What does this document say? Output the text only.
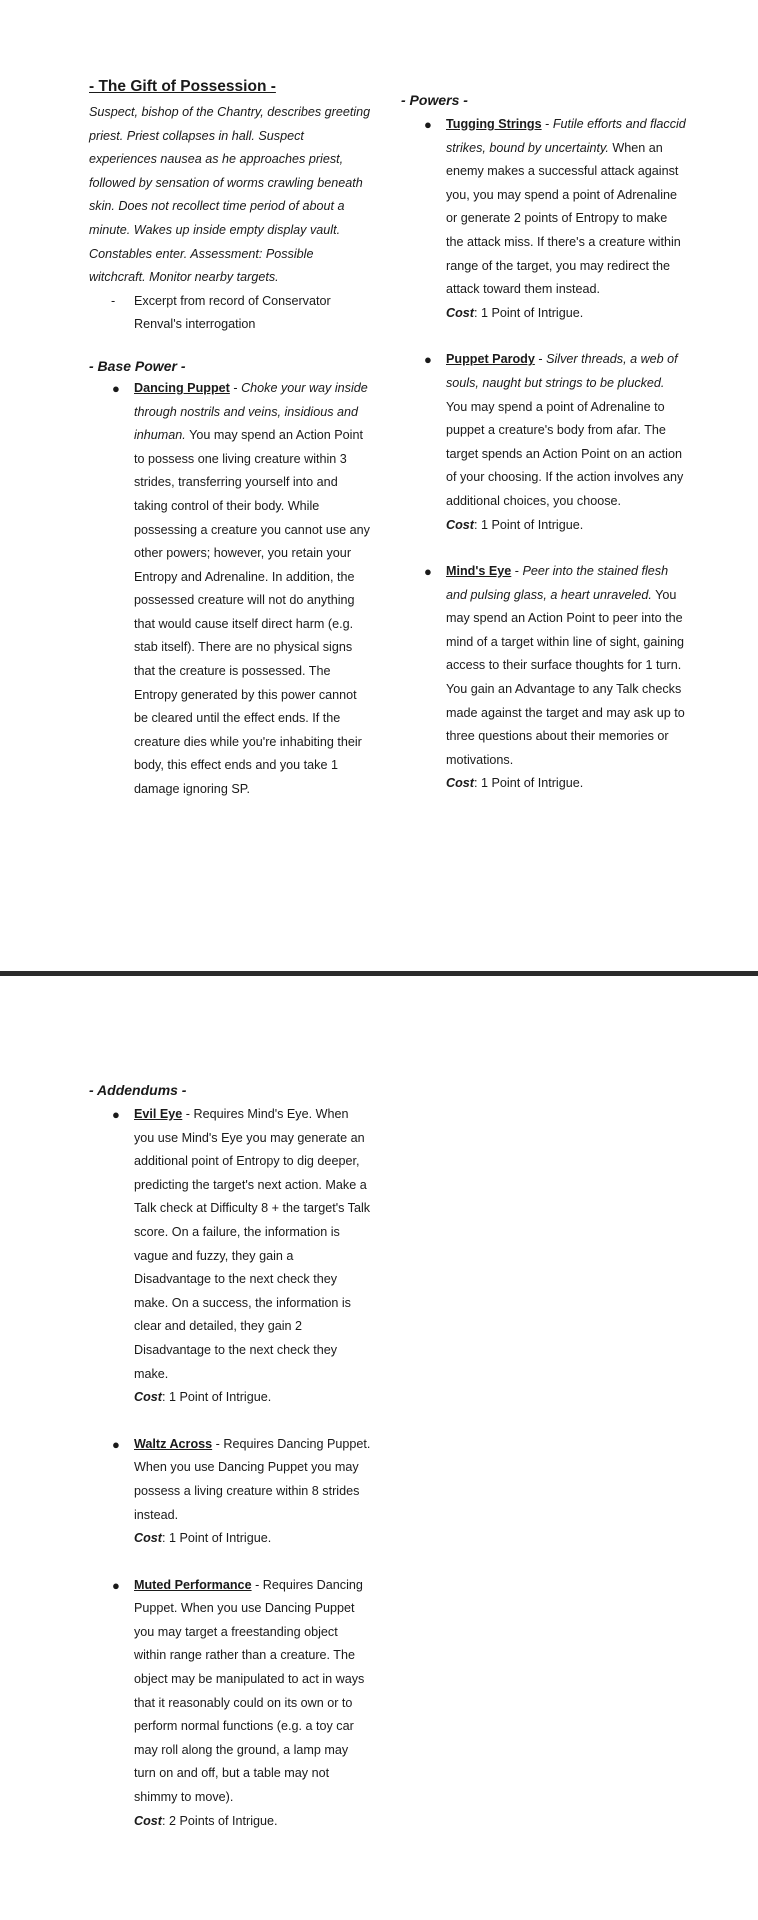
- The Gift of Possession -

Suspect, bishop of the Chantry, describes greeting priest. Priest collapses in hall. Suspect experiences nausea as he approaches priest, followed by sensation of worms crawling beneath skin. Does not recollect time period of about a minute. Wakes up inside empty display vault. Constables enter. Assessment: Possible witchcraft. Monitor nearby targets.

- Excerpt from record of Conservator Renval's interrogation

- Base Power -

● Dancing Puppet - Choke your way inside through nostrils and veins, insidious and inhuman. You may spend an Action Point to possess one living creature within 3 strides, transferring yourself into and taking control of their body. While possessing a creature you cannot use any other powers; however, you retain your Entropy and Adrenaline. In addition, the possessed creature will not do anything that would cause itself direct harm (e.g. stab itself). There are no physical signs that the creature is possessed. The Entropy generated by this power cannot be cleared until the effect ends. If the creature dies while you're inhabiting their body, this effect ends and you take 1 damage ignoring SP.

- Powers -

● Tugging Strings - Futile efforts and flaccid strikes, bound by uncertainty. When an enemy makes a successful attack against you, you may spend a point of Adrenaline or generate 2 points of Entropy to make the attack miss. If there's a creature within range of the target, you may redirect the attack toward them instead.
Cost: 1 Point of Intrigue.
● Puppet Parody - Silver threads, a web of souls, naught but strings to be plucked. You may spend a point of Adrenaline to puppet a creature's body from afar. The target spends an Action Point on an action of your choosing. If the action involves any additional choices, you choose.
Cost: 1 Point of Intrigue.
● Mind's Eye - Peer into the stained flesh and pulsing glass, a heart unraveled. You may spend an Action Point to peer into the mind of a target within line of sight, gaining access to their surface thoughts for 1 turn. You gain an Advantage to any Talk checks made against the target and may ask up to three questions about their memories or motivations.
Cost: 1 Point of Intrigue.

- Addendums -

● Evil Eye - Requires Mind's Eye. When you use Mind's Eye you may generate an additional point of Entropy to dig deeper, predicting the target's next action. Make a Talk check at Difficulty 8 + the target's Talk score. On a failure, the information is vague and fuzzy, they gain a Disadvantage to the next check they make. On a success, the information is clear and detailed, they gain 2 Disadvantage to the next check they make.
Cost: 1 Point of Intrigue.
● Waltz Across - Requires Dancing Puppet. When you use Dancing Puppet you may possess a living creature within 8 strides instead.
Cost: 1 Point of Intrigue.
● Muted Performance - Requires Dancing Puppet. When you use Dancing Puppet you may target a freestanding object within range rather than a creature. The object may be manipulated to act in ways that it reasonably could on its own or to perform normal functions (e.g. a toy car may roll along the ground, a lamp may turn on and off, but a table may not shimmy to move).
Cost: 2 Points of Intrigue.
